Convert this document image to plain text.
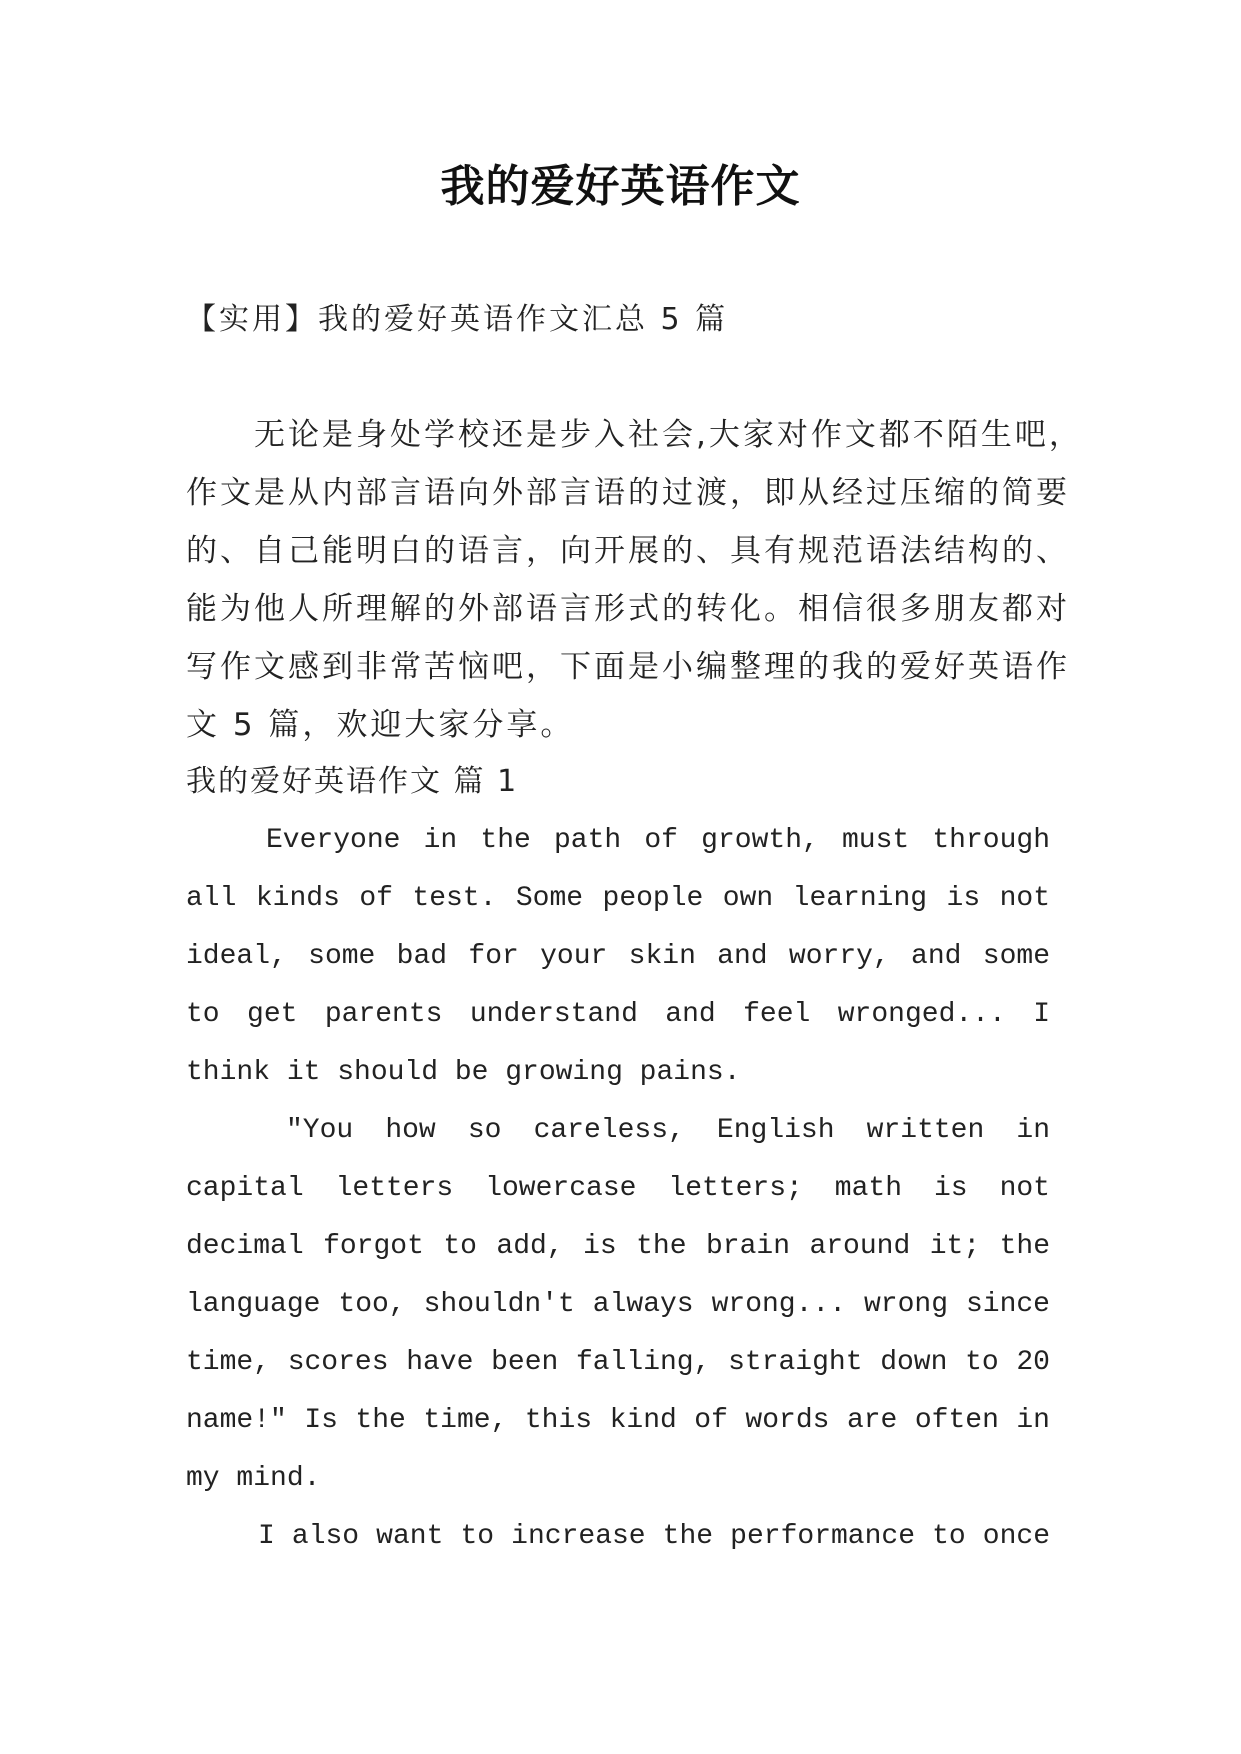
我的爱好英语作文
【实用】我的爱好英语作文汇总 5 篇
无论是身处学校还是步入社会,大家对作文都不陌生吧，
作文是从内部言语向外部言语的过渡，即从经过压缩的简要
的、自己能明白的语言，向开展的、具有规范语法结构的、
能为他人所理解的外部语言形式的转化。相信很多朋友都对
写作文感到非常苦恼吧，下面是小编整理的我的爱好英语作
文 5 篇，欢迎大家分享。
我的爱好英语作文 篇 1
Everyone in the path of growth, must through
all kinds of test. Some people own learning is not
ideal, some bad for your skin and worry, and some
to get parents understand and feel wronged... I
think it should be growing pains.
"You how so careless, English written in
capital letters lowercase letters; math is not
decimal forgot to add, is the brain around it; the
language too, shouldn't always wrong... wrong since
time, scores have been falling, straight down to 20
name!" Is the time, this kind of words are often in
my mind.
I also want to increase the performance to once
